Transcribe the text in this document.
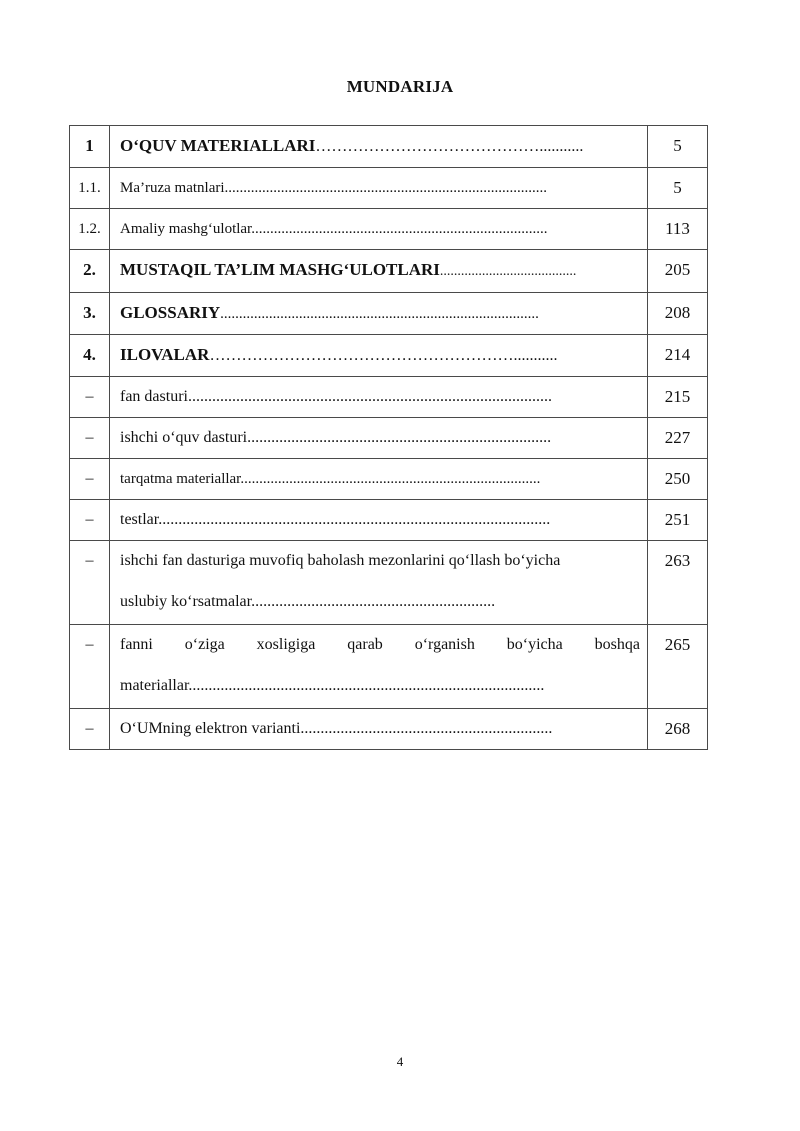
MUNDARIJA
1	O‘QUV MATERIALLARI……………………………………...........	5

1.1.	Ma’ruza matnlari......................................................................................	5

1.2.	Amaliy mashg‘ulotlar...............................................................................	113

2.	MUSTAQIL TA’LIM MASHG‘ULOTLARI.......................................	205

3.	GLOSSARIY.....................................................................................	208

4.	ILOVALAR…………………………………………………...........	214

–	fan dasturi...........................................................................................	215

–	ishchi o‘quv dasturi............................................................................	227

–	tarqatma materiallar................................................................................	250

–	testlar..................................................................................................	251

–	ishchi fan dasturiga muvofiq baholash mezonlarini qo‘llash bo‘yicha
uslubiy ko‘rsatmalar.............................................................	263

–	fanni o‘ziga xosligiga qarab o‘rganish bo‘yicha boshqa
materiallar.........................................................................................	265

–	O‘UMning elektron varianti...............................................................	268
4
